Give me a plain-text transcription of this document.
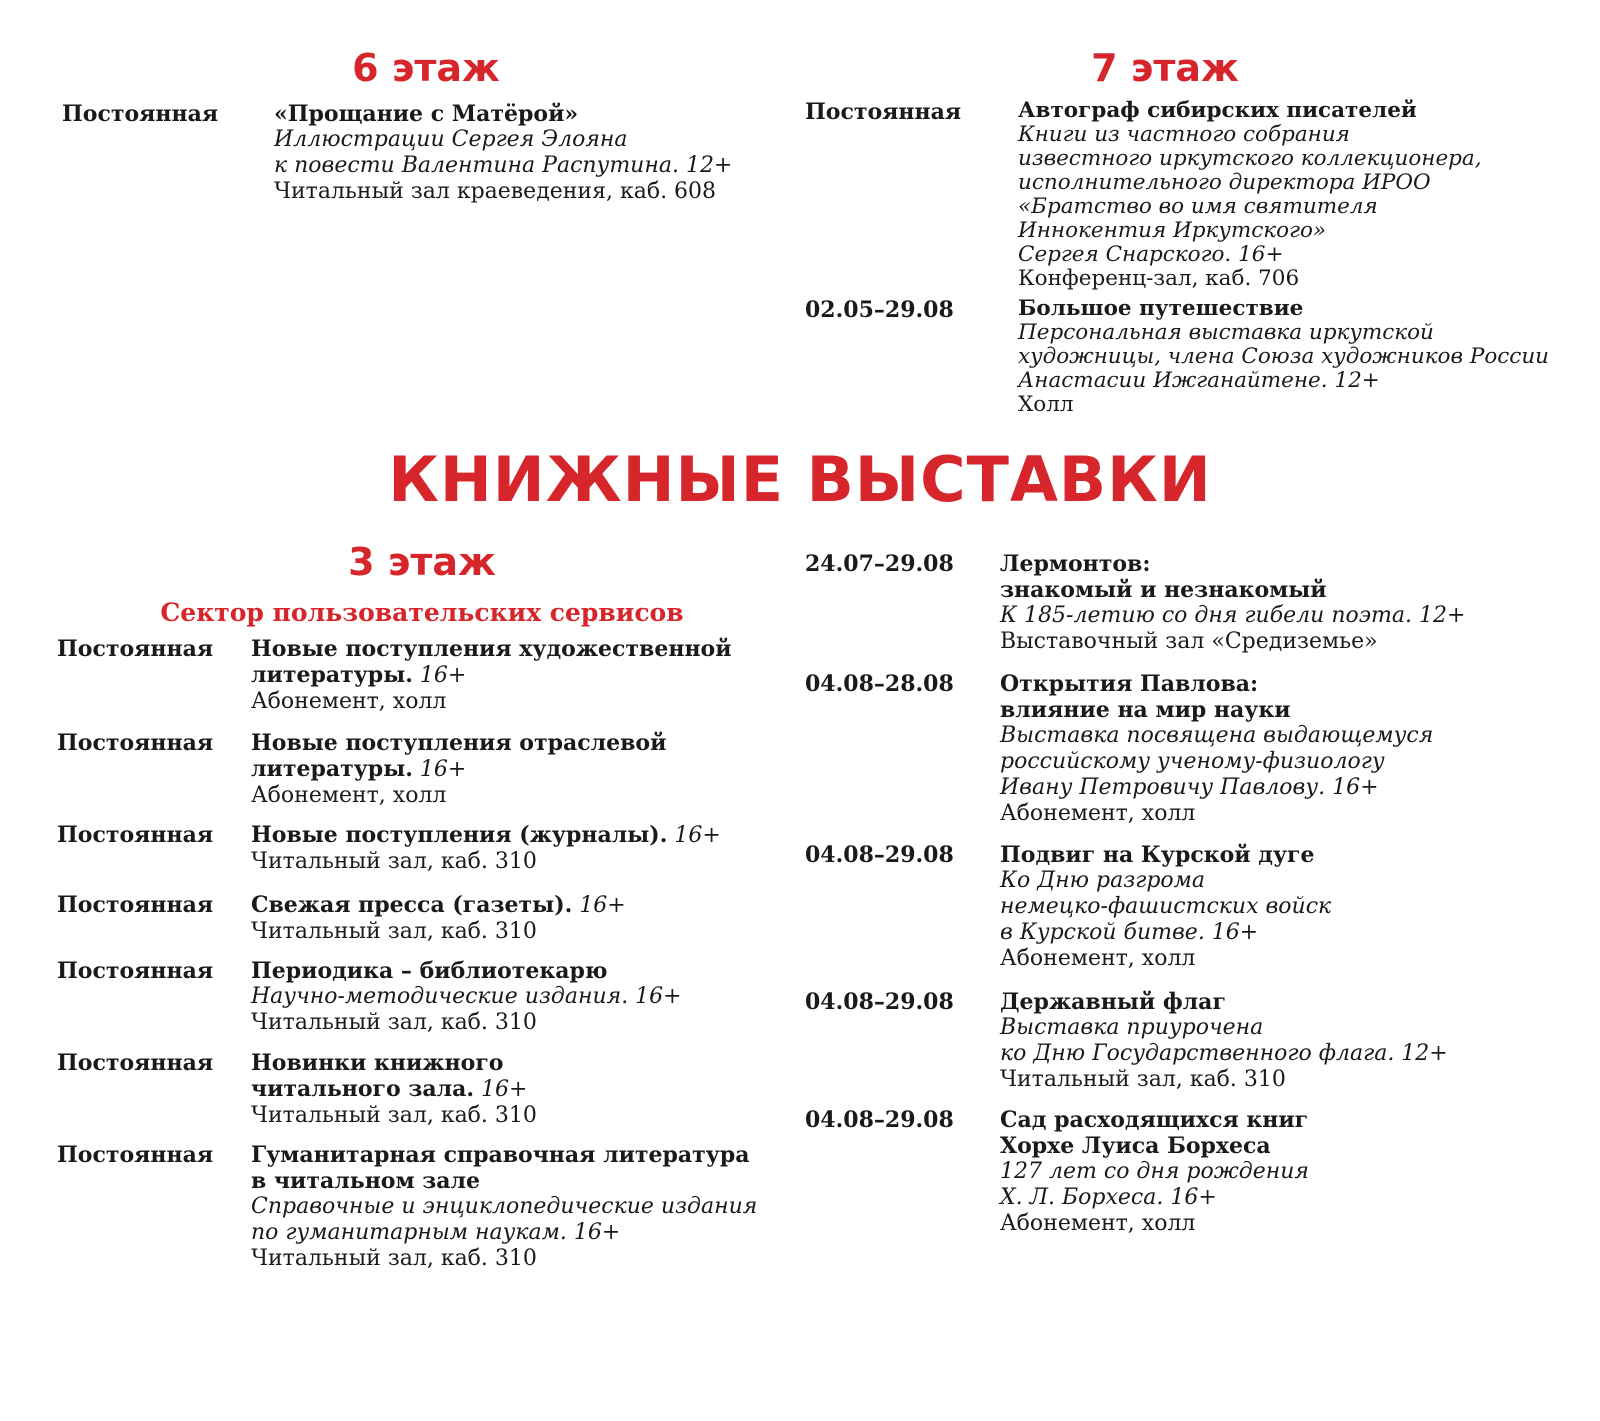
6 этаж
Постоянная	«Прощание с Матёрой»
Иллюстрации Сергея Элояна
к повести Валентина Распутина. 12+
Читальный зал краеведения, каб. 608
7 этаж
Постоянная	Автограф сибирских писателей
Книги из частного собрания
известного иркутского коллекционера,
исполнительного директора ИРОО
«Братство во имя святителя
Иннокентия Иркутского»
Сергея Снарского. 16+
Конференц-зал, каб. 706
02.05–29.08	Большое путешествие
Персональная выставка иркутской
художницы, члена Союза художников России
Анастасии Ижганайтене. 12+
Холл
КНИЖНЫЕ ВЫСТАВКИ
3 этаж
Сектор пользовательских сервисов
Постоянная Новые поступления художественной
литературы. 16+
Абонемент, холл
Постоянная Новые поступления отраслевой
литературы. 16+
Абонемент, холл
Постоянная Новые поступления (журналы). 16+
Читальный зал, каб. 310
Постоянная Свежая пресса (газеты). 16+
Читальный зал, каб. 310
Постоянная Периодика – библиотекарю
Научно-методические издания. 16+
Читальный зал, каб. 310
Постоянная Новинки книжного
читального зала. 16+
Читальный зал, каб. 310
Постоянная Гуманитарная справочная литература
в читальном зале
Справочные и энциклопедические издания
по гуманитарным наукам. 16+
Читальный зал, каб. 310
24.07–29.08 Лермонтов:
знакомый и незнакомый
К 185-летию со дня гибели поэта. 12+
Выставочный зал «Средиземье»
04.08–28.08 Открытия Павлова:
влияние на мир науки
Выставка посвящена выдающемуся
российскому ученому-физиологу
Ивану Петровичу Павлову. 16+
Абонемент, холл
04.08–29.08 Подвиг на Курской дуге
Ко Дню разгрома
немецко-фашистских войск
в Курской битве. 16+
Абонемент, холл
04.08–29.08 Державный флаг
Выставка приурочена
ко Дню Государственного флага. 12+
Читальный зал, каб. 310
04.08–29.08 Сад расходящихся книг
Хорхе Луиса Борхеса
127 лет со дня рождения
Х. Л. Борхеса. 16+
Абонемент, холл
